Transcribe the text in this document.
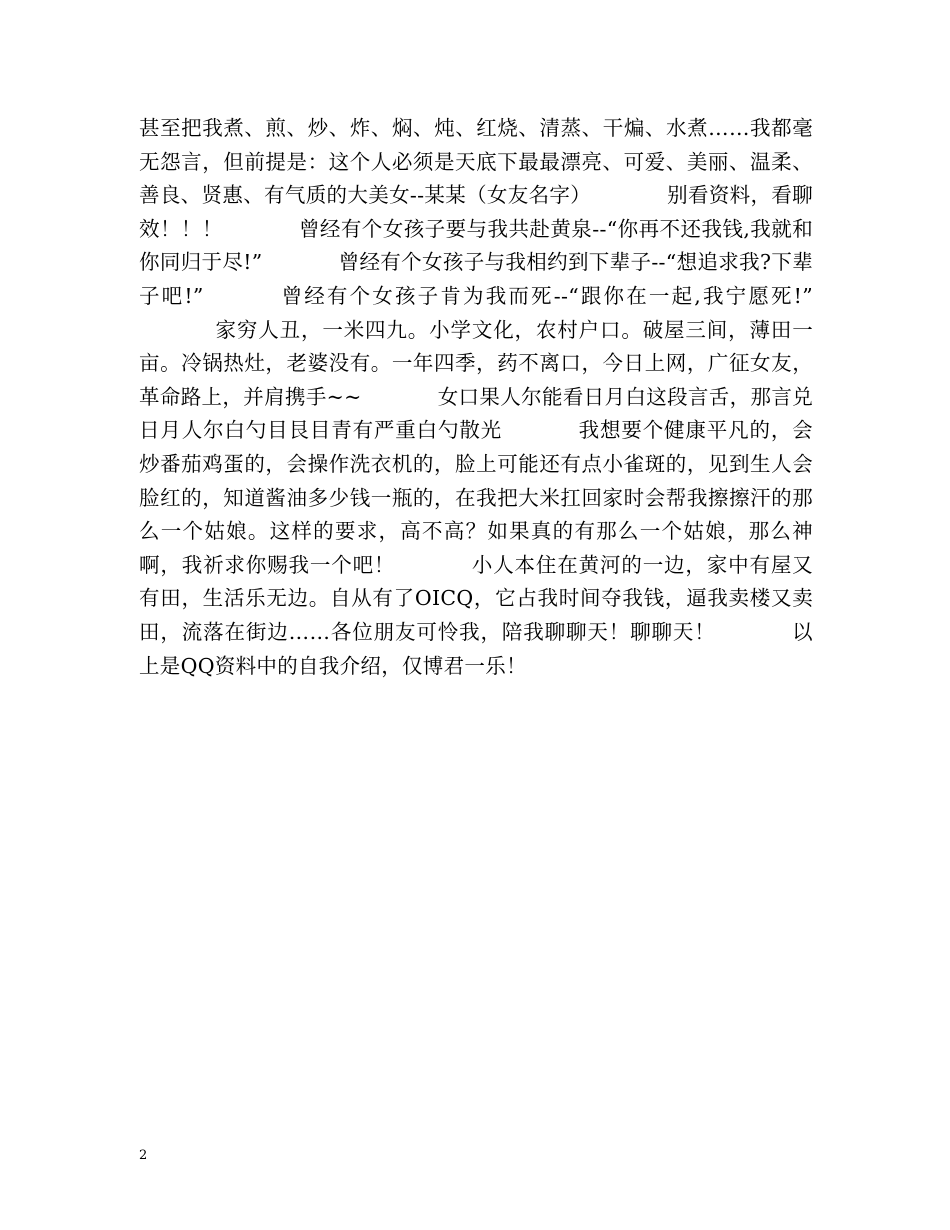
甚至把我煮、煎、炒、炸、焖、炖、红烧、清蒸、干煸、水煮……我都毫无怨言，但前提是：这个人必须是天底下最最漂亮、可爱、美丽、温柔、善良、贤惠、有气质的大美女--某某（女友名字）	别看资料，看聊效！！！	曾经有个女孩子要与我共赴黄泉--“你再不还我钱,我就和你同归于尽!”	曾经有个女孩子与我相约到下辈子--“想追求我?下辈子吧!”	曾经有个女孩子肯为我而死--“跟你在一起,我宁愿死!”家穷人丑，一米四九。小学文化，农村户口。破屋三间，薄田一亩。冷锅热灶，老婆没有。一年四季，药不离口，今日上网，广征女友，革命路上，并肩携手~~	女口果人尔能看日月白这段言舌，那言兑日月人尔白勺目艮目青有严重白勺散光	我想要个健康平凡的，会炒番茄鸡蛋的，会操作洗衣机的，脸上可能还有点小雀斑的，见到生人会脸红的，知道酱油多少钱一瓶的，在我把大米扛回家时会帮我擦擦汗的那么一个姑娘。这样的要求，高不高？如果真的有那么一个姑娘，那么神啊，我祈求你赐我一个吧！	小人本住在黄河的一边，家中有屋又有田，生活乐无边。自从有了OICQ，它占我时间夺我钱，逼我卖楼又卖田，流落在街边……各位朋友可怜我，陪我聊聊天！聊聊天！	以上是QQ资料中的自我介绍，仅博君一乐！

2
